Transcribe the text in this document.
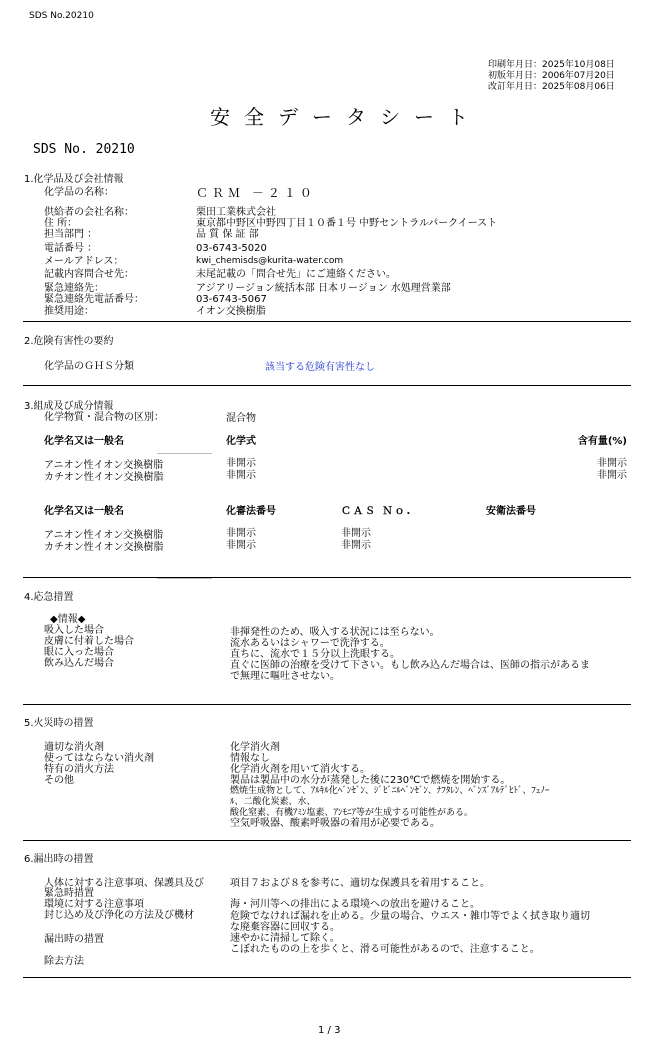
SDS No.20210
印刷年月日：2025年10月08日
初版年月日：2006年07月20日
改訂年月日：2025年08月06日
安全データシート
SDS No. 20210
1.化学品及び会社情報
化学品の名称：	ＣＲＭ －２１０
供給者の会社名称：	栗田工業株式会社
住 所：	東京都中野区中野四丁目１０番１号 中野セントラルパークイースト
担当部門 ：	品 質 保 証 部
電話番号 ：	03-6743-5020
メールアドレス：	kwi_chemisds@kurita-water.com
記載内容問合せ先：	末尾記載の「問合せ先」にご連絡ください。
緊急連絡先：	アジアリージョン統括本部 日本リージョン 水処理営業部
緊急連絡先電話番号：	03-6743-5067
推奨用途：	イオン交換樹脂
2.危険有害性の要約
化学品のＧＨＳ分類	該当する危険有害性なし
3.組成及び成分情報
化学物質・混合物の区別：	混合物
化学名又は一般名	化学式	含有量(%)
アニオン性イオン交換樹脂	非開示	非開示
カチオン性イオン交換樹脂	非開示	非開示
化学名又は一般名	化審法番号	ＣＡＳ Ｎｏ.	安衛法番号
アニオン性イオン交換樹脂	非開示	非開示
カチオン性イオン交換樹脂	非開示	非開示
4.応急措置
◆情報◆
吸入した場合	非揮発性のため、吸入する状況には至らない。
皮膚に付着した場合	流水あるいはシャワーで洗浄する。
眼に入った場合	直ちに、流水で１５分以上洗眼する。
飲み込んだ場合	直ぐに医師の治療を受けて下さい。もし飲み込んだ場合は、医師の指示があるま
で無理に嘔吐させない。
5.火災時の措置
適切な消火剤	化学消火剤
使ってはならない消火剤	情報なし
特有の消火方法	化学消火剤を用いて消火する。
その他	製品は製品中の水分が蒸発した後に230℃で燃焼を開始する。
燃焼生成物として、ｱﾙｷﾙ化ﾍﾞﾝｾﾞﾝ、ｼﾞﾋﾞﾆﾙﾍﾞﾝｾﾞﾝ、ﾅﾌﾀﾚﾝ、ﾍﾞﾝｽﾞｱﾙﾃﾞﾋﾄﾞ、ﾌｪﾉｰ
ﾙ、二酸化炭素、水、
酸化窒素、有機ｱﾐﾝ塩素、ｱﾝﾓﾆｱ等が生成する可能性がある。
空気呼吸器、酸素呼吸器の着用が必要である。
6.漏出時の措置
人体に対する注意事項、保護具及び
緊急時措置
項目７および８を参考に、適切な保護具を着用すること。
環境に対する注意事項	海・河川等への排出による環境への放出を避けること。
封じ込め及び浄化の方法及び機材	危険でなければ漏れを止める。少量の場合、ウエス・雑巾等でよく拭き取り適切
な廃棄容器に回収する。
漏出時の措置	速やかに清掃して除く。
除去方法
こぼれたものの上を歩くと、滑る可能性があるので、注意すること。
1 / 3
